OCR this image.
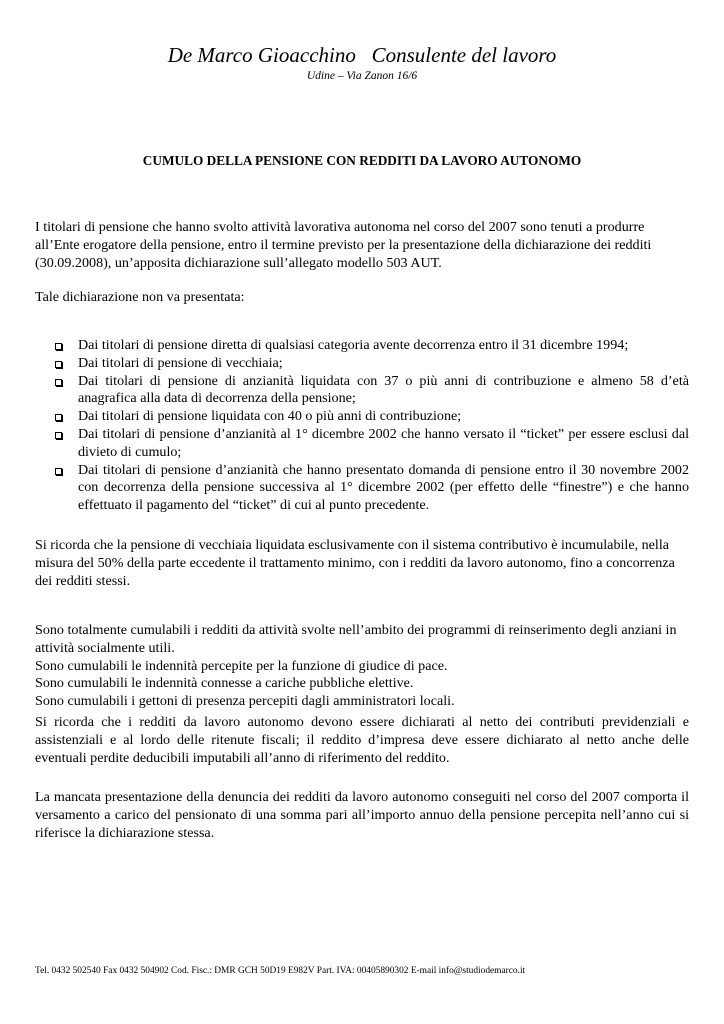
De Marco Gioacchino   Consulente del lavoro
Udine – Via Zanon 16/6
CUMULO DELLA PENSIONE CON REDDITI DA LAVORO AUTONOMO

I titolari di pensione che hanno svolto attività lavorativa autonoma nel corso del 2007 sono tenuti a produrre all’Ente erogatore della pensione, entro il termine previsto per la presentazione della dichiarazione dei redditi (30.09.2008), un’apposita dichiarazione sull’allegato modello 503 AUT.

Tale dichiarazione non va presentata:

Dai titolari di pensione diretta di qualsiasi categoria avente decorrenza entro il 31 dicembre 1994;
Dai titolari di pensione di vecchiaia;
Dai titolari di pensione di anzianità liquidata con 37 o più anni di contribuzione e almeno 58 d’età anagrafica alla data di decorrenza della pensione;
Dai titolari di pensione liquidata con 40 o più anni di contribuzione;
Dai titolari di pensione d’anzianità al 1° dicembre 2002 che hanno versato il “ticket” per essere esclusi dal divieto di cumulo;
Dai titolari di pensione d’anzianità che hanno presentato domanda di pensione entro il 30 novembre 2002 con decorrenza della pensione successiva al 1° dicembre 2002 (per effetto delle “finestre”) e che hanno effettuato il pagamento del “ticket” di cui al punto precedente.

Si ricorda che la pensione di vecchiaia liquidata esclusivamente con il sistema contributivo è incumulabile, nella misura del 50% della parte eccedente il trattamento minimo, con i redditi da lavoro autonomo, fino a concorrenza dei redditi stessi.

Sono totalmente cumulabili i redditi da attività svolte nell’ambito dei programmi di reinserimento degli anziani in attività socialmente utili.
Sono cumulabili le indennità percepite per la funzione di giudice di pace.
Sono cumulabili le indennità connesse a cariche pubbliche elettive.
Sono cumulabili i gettoni di presenza percepiti dagli amministratori locali.

Si ricorda che i redditi da lavoro autonomo devono essere dichiarati al netto dei contributi previdenziali e assistenziali e al lordo delle ritenute fiscali; il reddito d’impresa deve essere dichiarato al netto anche delle eventuali perdite deducibili imputabili all’anno di riferimento del reddito.

La mancata presentazione della denuncia dei redditi da lavoro autonomo conseguiti nel corso del 2007 comporta il versamento a carico del pensionato di una somma pari all’importo annuo della pensione percepita nell’anno cui si riferisce la dichiarazione stessa.

Tel. 0432 502540 Fax 0432 504902 Cod. Fisc.: DMR GCH 50D19 E982V Part. IVA: 00405890302 E-mail info@studiodemarco.it
